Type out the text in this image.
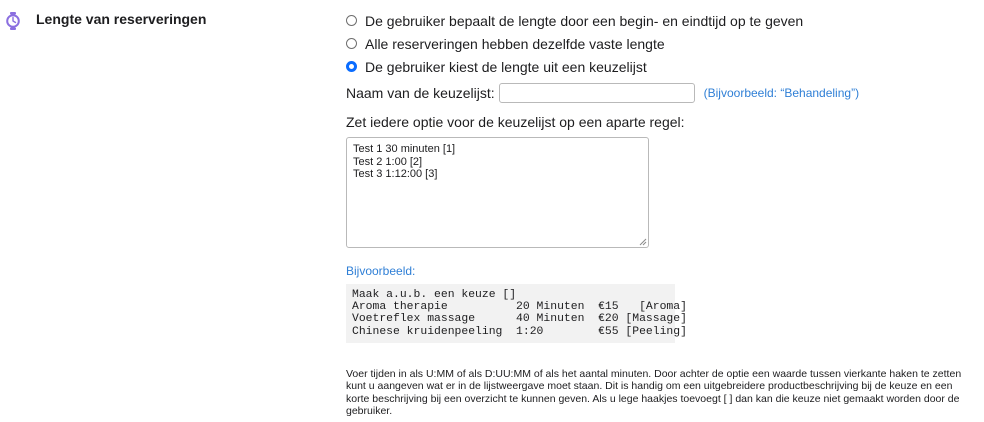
Lengte van reserveringen	De gebruiker bepaalt de lengte door een begin- en eindtijd op te geven
Alle reserveringen hebben dezelfde vaste lengte
De gebruiker kiest de lengte uit een keuzelijst
Naam van de keuzelijst:	(Bijvoorbeeld: “Behandeling”)
Zet iedere optie voor de keuzelijst op een aparte regel:
Test 1 30 minuten [1]
Test 2 1:00 [2]
Test 3 1:12:00 [3]
Bijvoorbeeld:
Maak a.u.b. een keuze []
Aroma therapie          20 Minuten  €15   [Aroma]
Voetreflex massage      40 Minuten  €20 [Massage]
Chinese kruidenpeeling  1:20        €55 [Peeling]
Voer tijden in als U:MM of als D:UU:MM of als het aantal minuten. Door achter de optie een waarde tussen vierkante haken te zetten kunt u aangeven wat er in de lijstweergave moet staan. Dit is handig om een uitgebreidere productbeschrijving bij de keuze en een korte beschrijving bij een overzicht te kunnen geven. Als u lege haakjes toevoegt [ ] dan kan die keuze niet gemaakt worden door de gebruiker.
